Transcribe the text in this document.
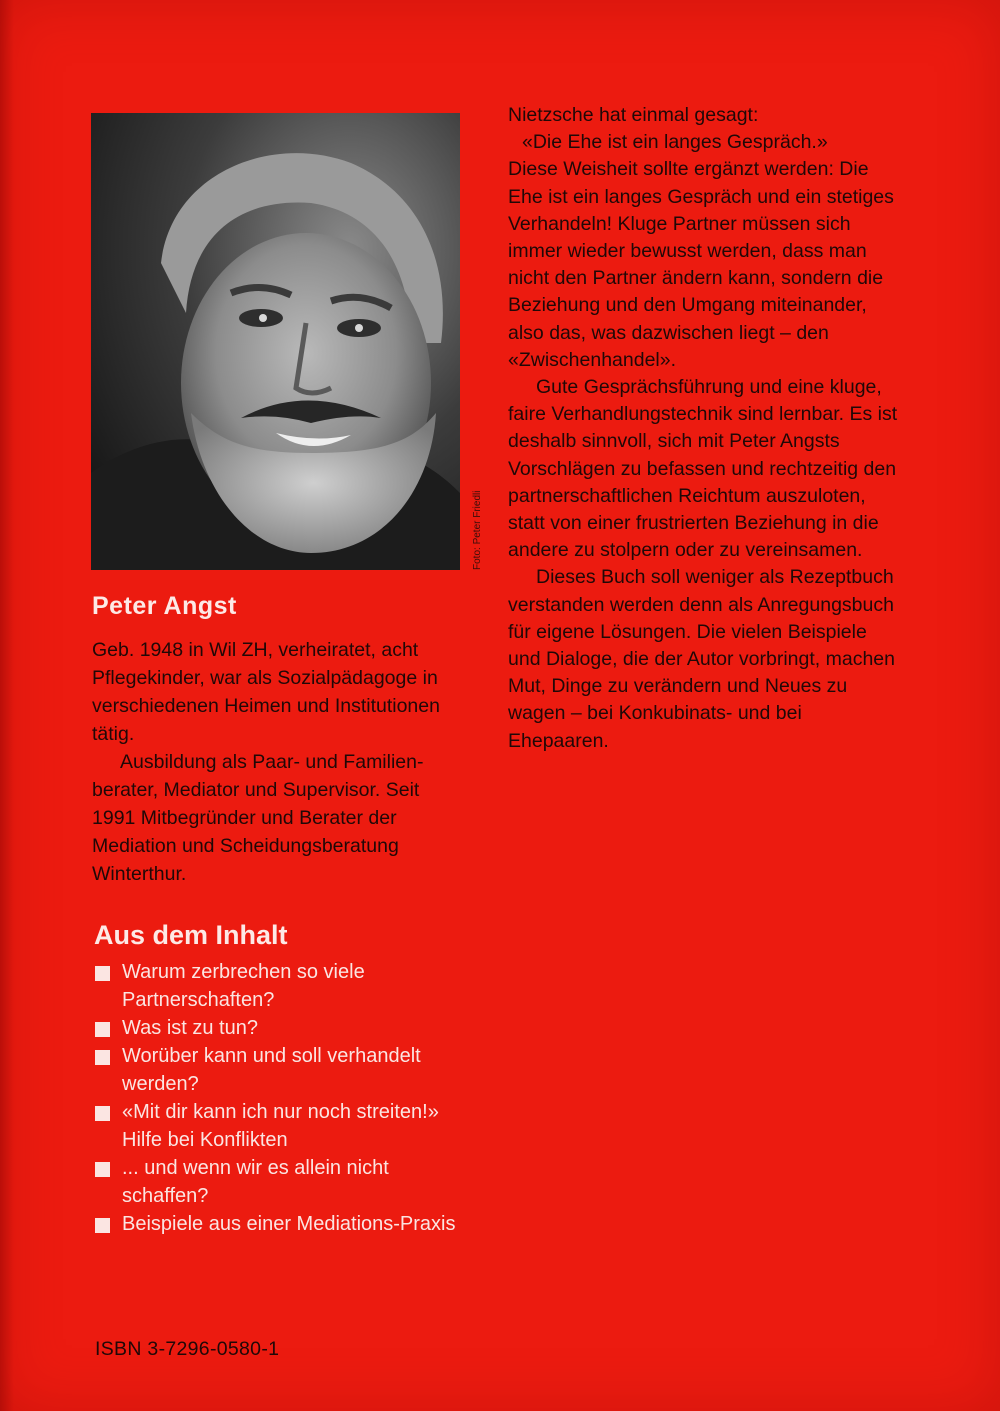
Foto: Peter Friedli
Peter Angst

Geb. 1948 in Wil ZH, verheiratet, acht Pflegekinder, war als Sozialpädagoge in verschiedenen Heimen und Institutionen tätig.

Ausbildung als Paar- und Familienberater, Mediator und Supervisor. Seit 1991 Mitbegründer und Berater der Mediation und Scheidungsberatung Winterthur.

Aus dem Inhalt
Warum zerbrechen so viele Partnerschaften?
Was ist zu tun?
Worüber kann und soll verhandelt werden?
«Mit dir kann ich nur noch streiten!» Hilfe bei Konflikten
... und wenn wir es allein nicht schaffen?
Beispiele aus einer Mediations-Praxis
ISBN 3-7296-0580-1

Nietzsche hat einmal gesagt:

«Die Ehe ist ein langes Gespräch.»

Diese Weisheit sollte ergänzt werden: Die Ehe ist ein langes Gespräch und ein stetiges Verhandeln! Kluge Partner müssen sich immer wieder bewusst werden, dass man nicht den Partner ändern kann, sondern die Beziehung und den Umgang miteinander, also das, was dazwischen liegt – den «Zwischenhandel».

Gute Gesprächsführung und eine kluge, faire Verhandlungstechnik sind lernbar. Es ist deshalb sinnvoll, sich mit Peter Angsts Vorschlägen zu befassen und rechtzeitig den partnerschaftlichen Reichtum auszuloten, statt von einer frustrierten Beziehung in die andere zu stolpern oder zu vereinsamen.

Dieses Buch soll weniger als Rezeptbuch verstanden werden denn als Anregungsbuch für eigene Lösungen. Die vielen Beispiele und Dialoge, die der Autor vorbringt, machen Mut, Dinge zu verändern und Neues zu wagen – bei Konkubinats- und bei Ehepaaren.
